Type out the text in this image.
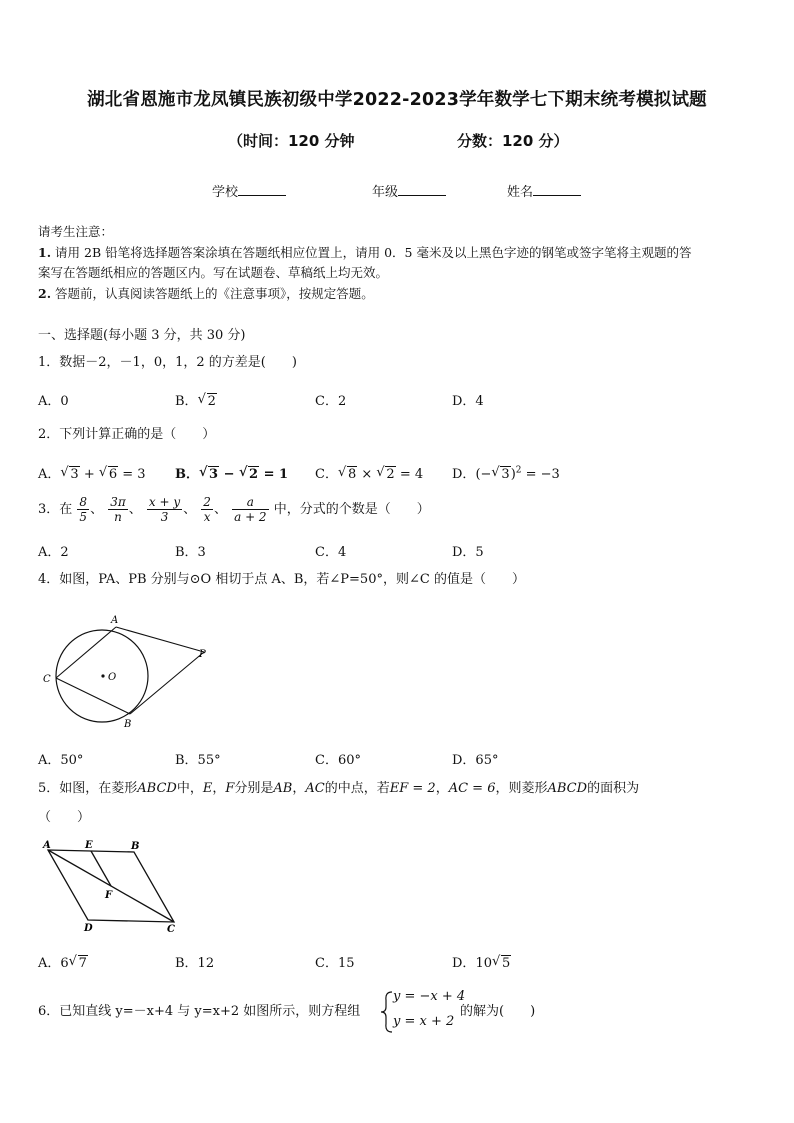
湖北省恩施市龙凤镇民族初级中学2022-2023学年数学七下期末统考模拟试题
（时间：120 分钟	分数：120 分）
学校	年级	姓名
请考生注意：
1. 请用 2B 铅笔将选择题答案涂填在答题纸相应位置上，请用 0．5 毫米及以上黑色字迹的钢笔或签字笔将主观题的答
案写在答题纸相应的答题区内。写在试题卷、草稿纸上均无效。
2. 答题前，认真阅读答题纸上的《注意事项》，按规定答题。
一、选择题(每小题 3 分，共 30 分)
1．数据－2，－1，0，1，2 的方差是(　　)
A．0	B． √ 2	C．2	D．4
2．下列计算正确的是（　　）
A． √ 3 + √ 6 = 3 B． √ 3 − √ 2 = 1 C． √ 8 × √ 2 = 4 D．(− √ 3)$^2$ = −3
3．在 $\frac{8}{5}$ 、 $\frac{3\pi}{n}$ 、 $\frac{x + y}{3}$ 、 $\frac{2}{x}$ 、 $\frac{a}{a + 2}$ 中，分式的个数是（　　）
A．2	B．3	C．4	D．5
4．如图，PA、PB 分别与⊙O 相切于点 A、B，若∠P=50°，则∠C 的值是（　　）
A
B
C	O
P
A．50°	B．55°	C．60°	D．65°
5．如图，在菱形ABCD中，E，F分别是AB，AC的中点，若EF = 2，AC = 6，则菱形ABCD的面积为
（　　）
A	E	B
F
D	C
A．6 √ 7	B．12	C．15	D．10 √ 5
6．已知直线 y=－x+4 与 y=x+2 如图所示，则方程组
y = −x + 4
y = x + 2
的解为(　　)
